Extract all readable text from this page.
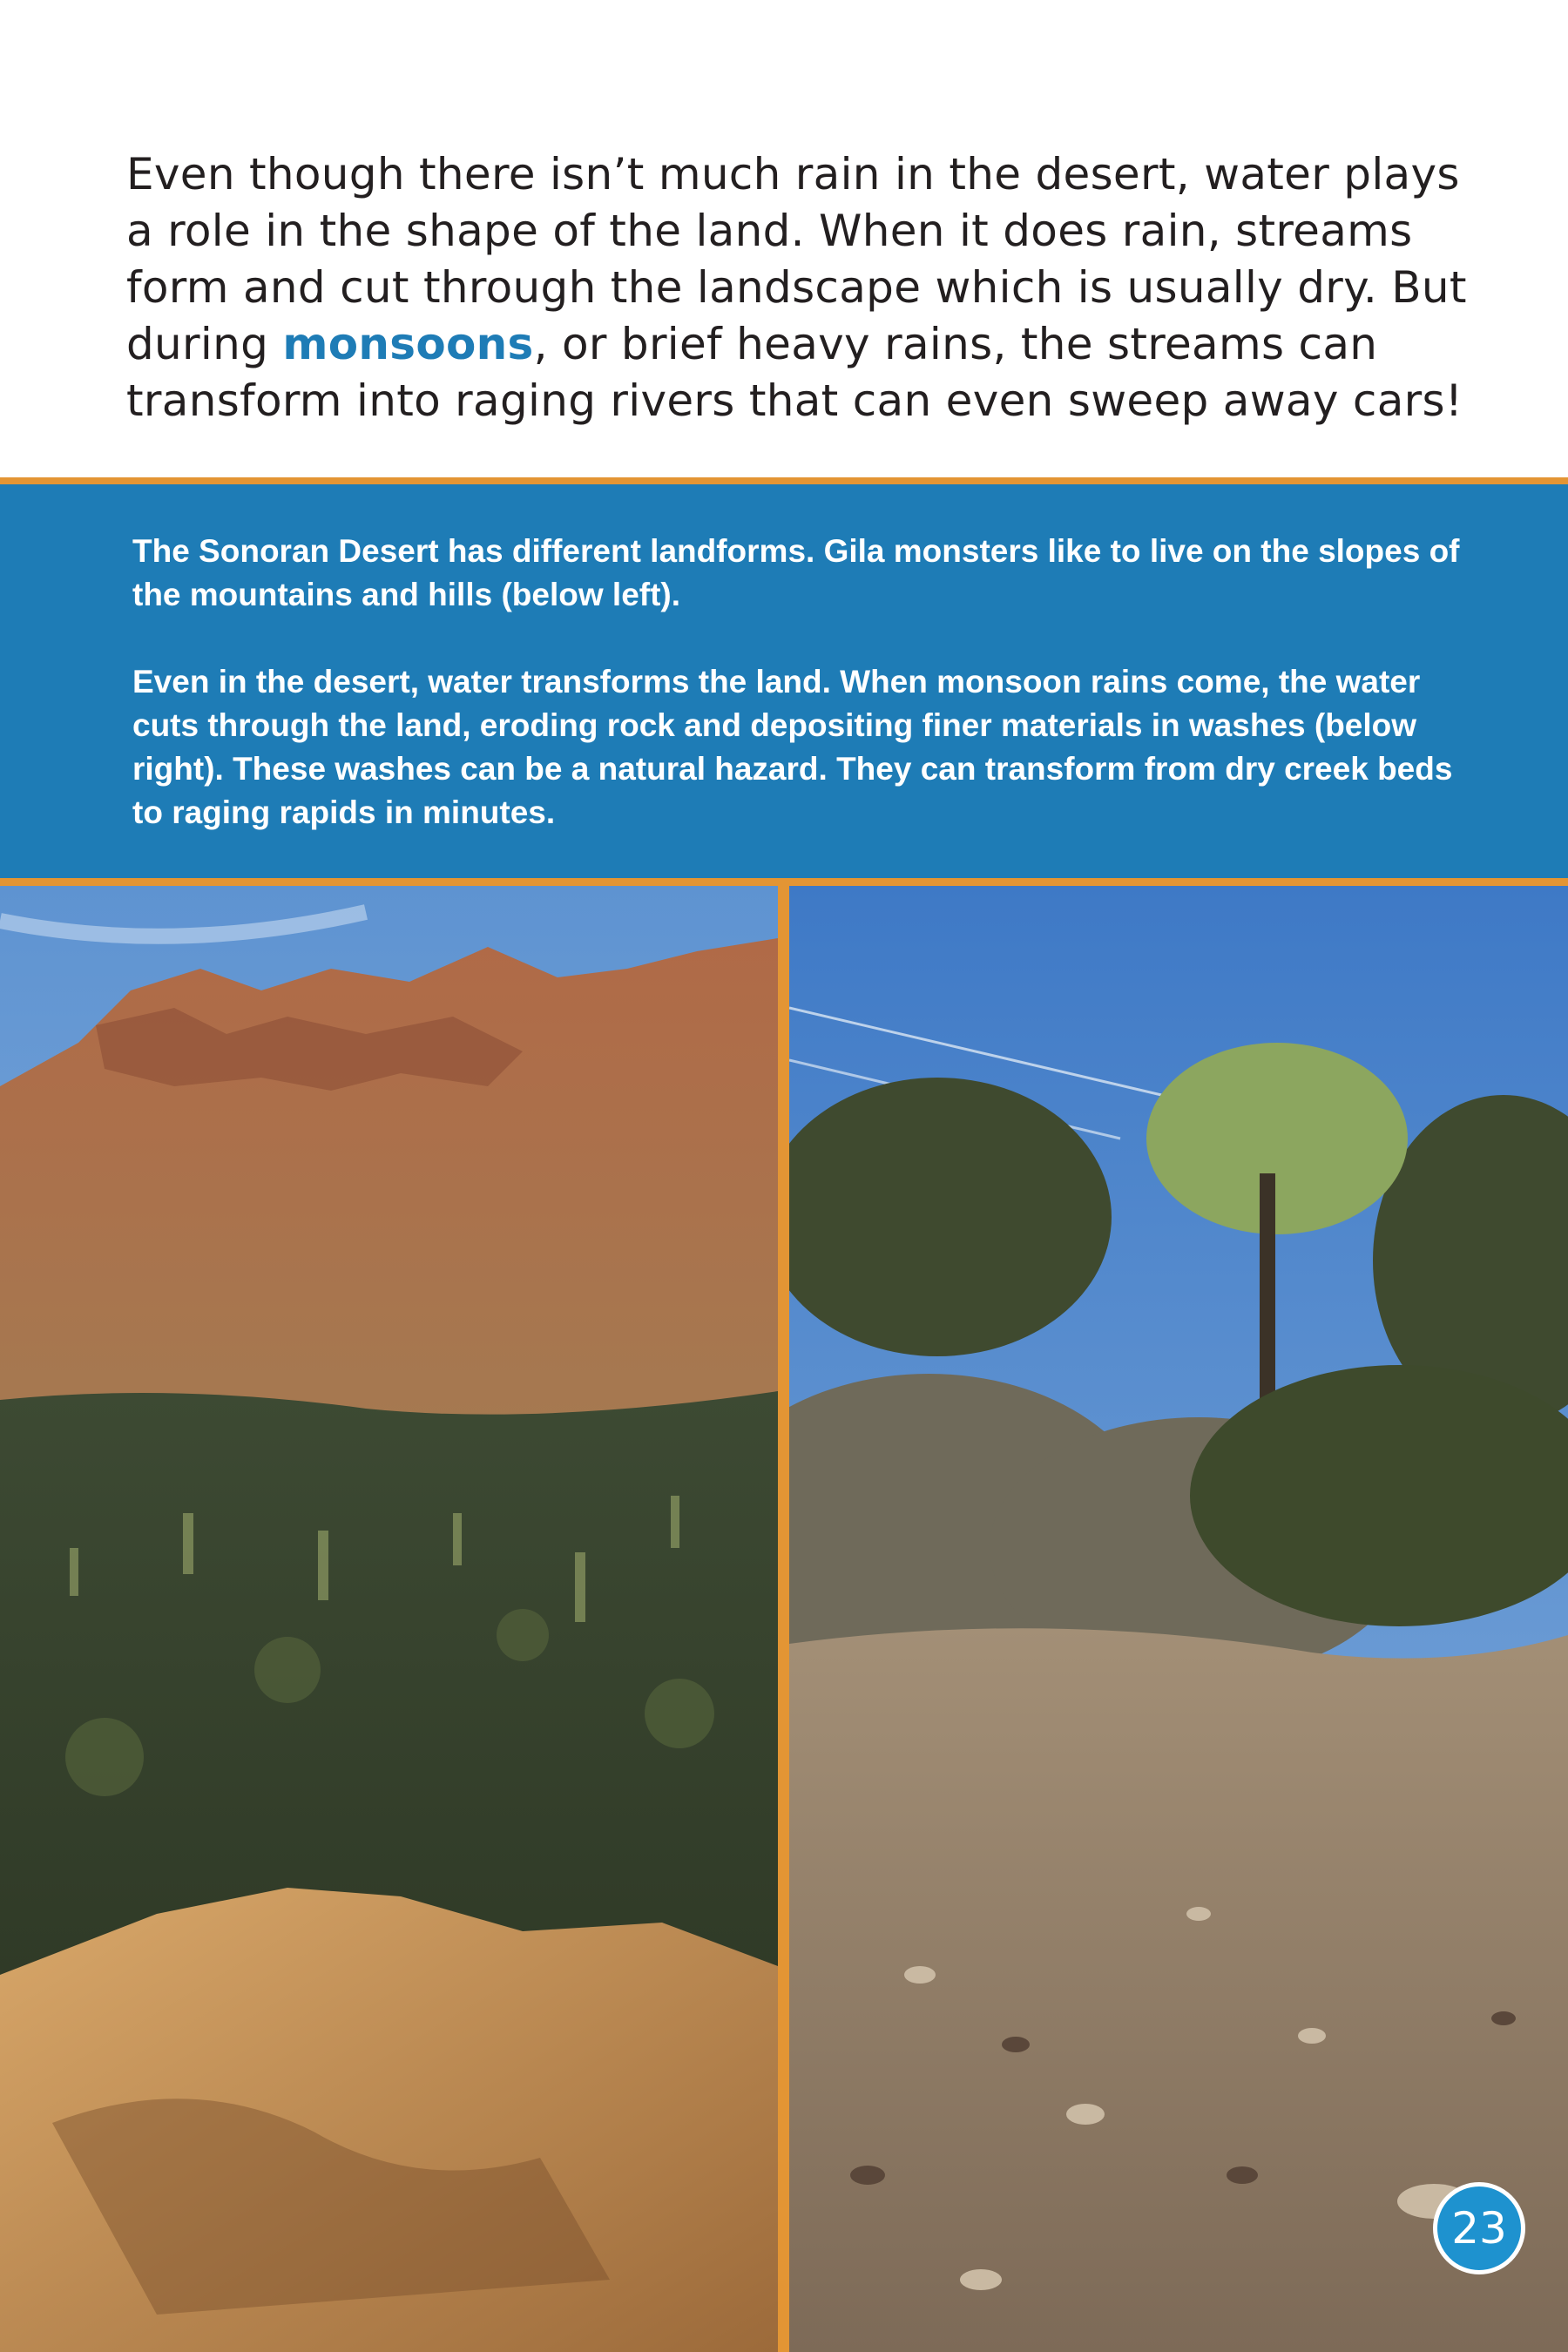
Even though there isn’t much rain in the desert, water plays a role in the shape of the land. When it does rain, streams form and cut through the landscape which is usually dry. But during monsoons, or brief heavy rains, the streams can transform into raging rivers that can even sweep away cars!

The Sonoran Desert has different landforms. Gila monsters like to live on the slopes of the mountains and hills (below left).

Even in the desert, water transforms the land. When monsoon rains come, the water cuts through the land, eroding rock and depositing finer materials in washes (below right). These washes can be a natural hazard. They can transform from dry creek beds to raging rapids in minutes.

23
